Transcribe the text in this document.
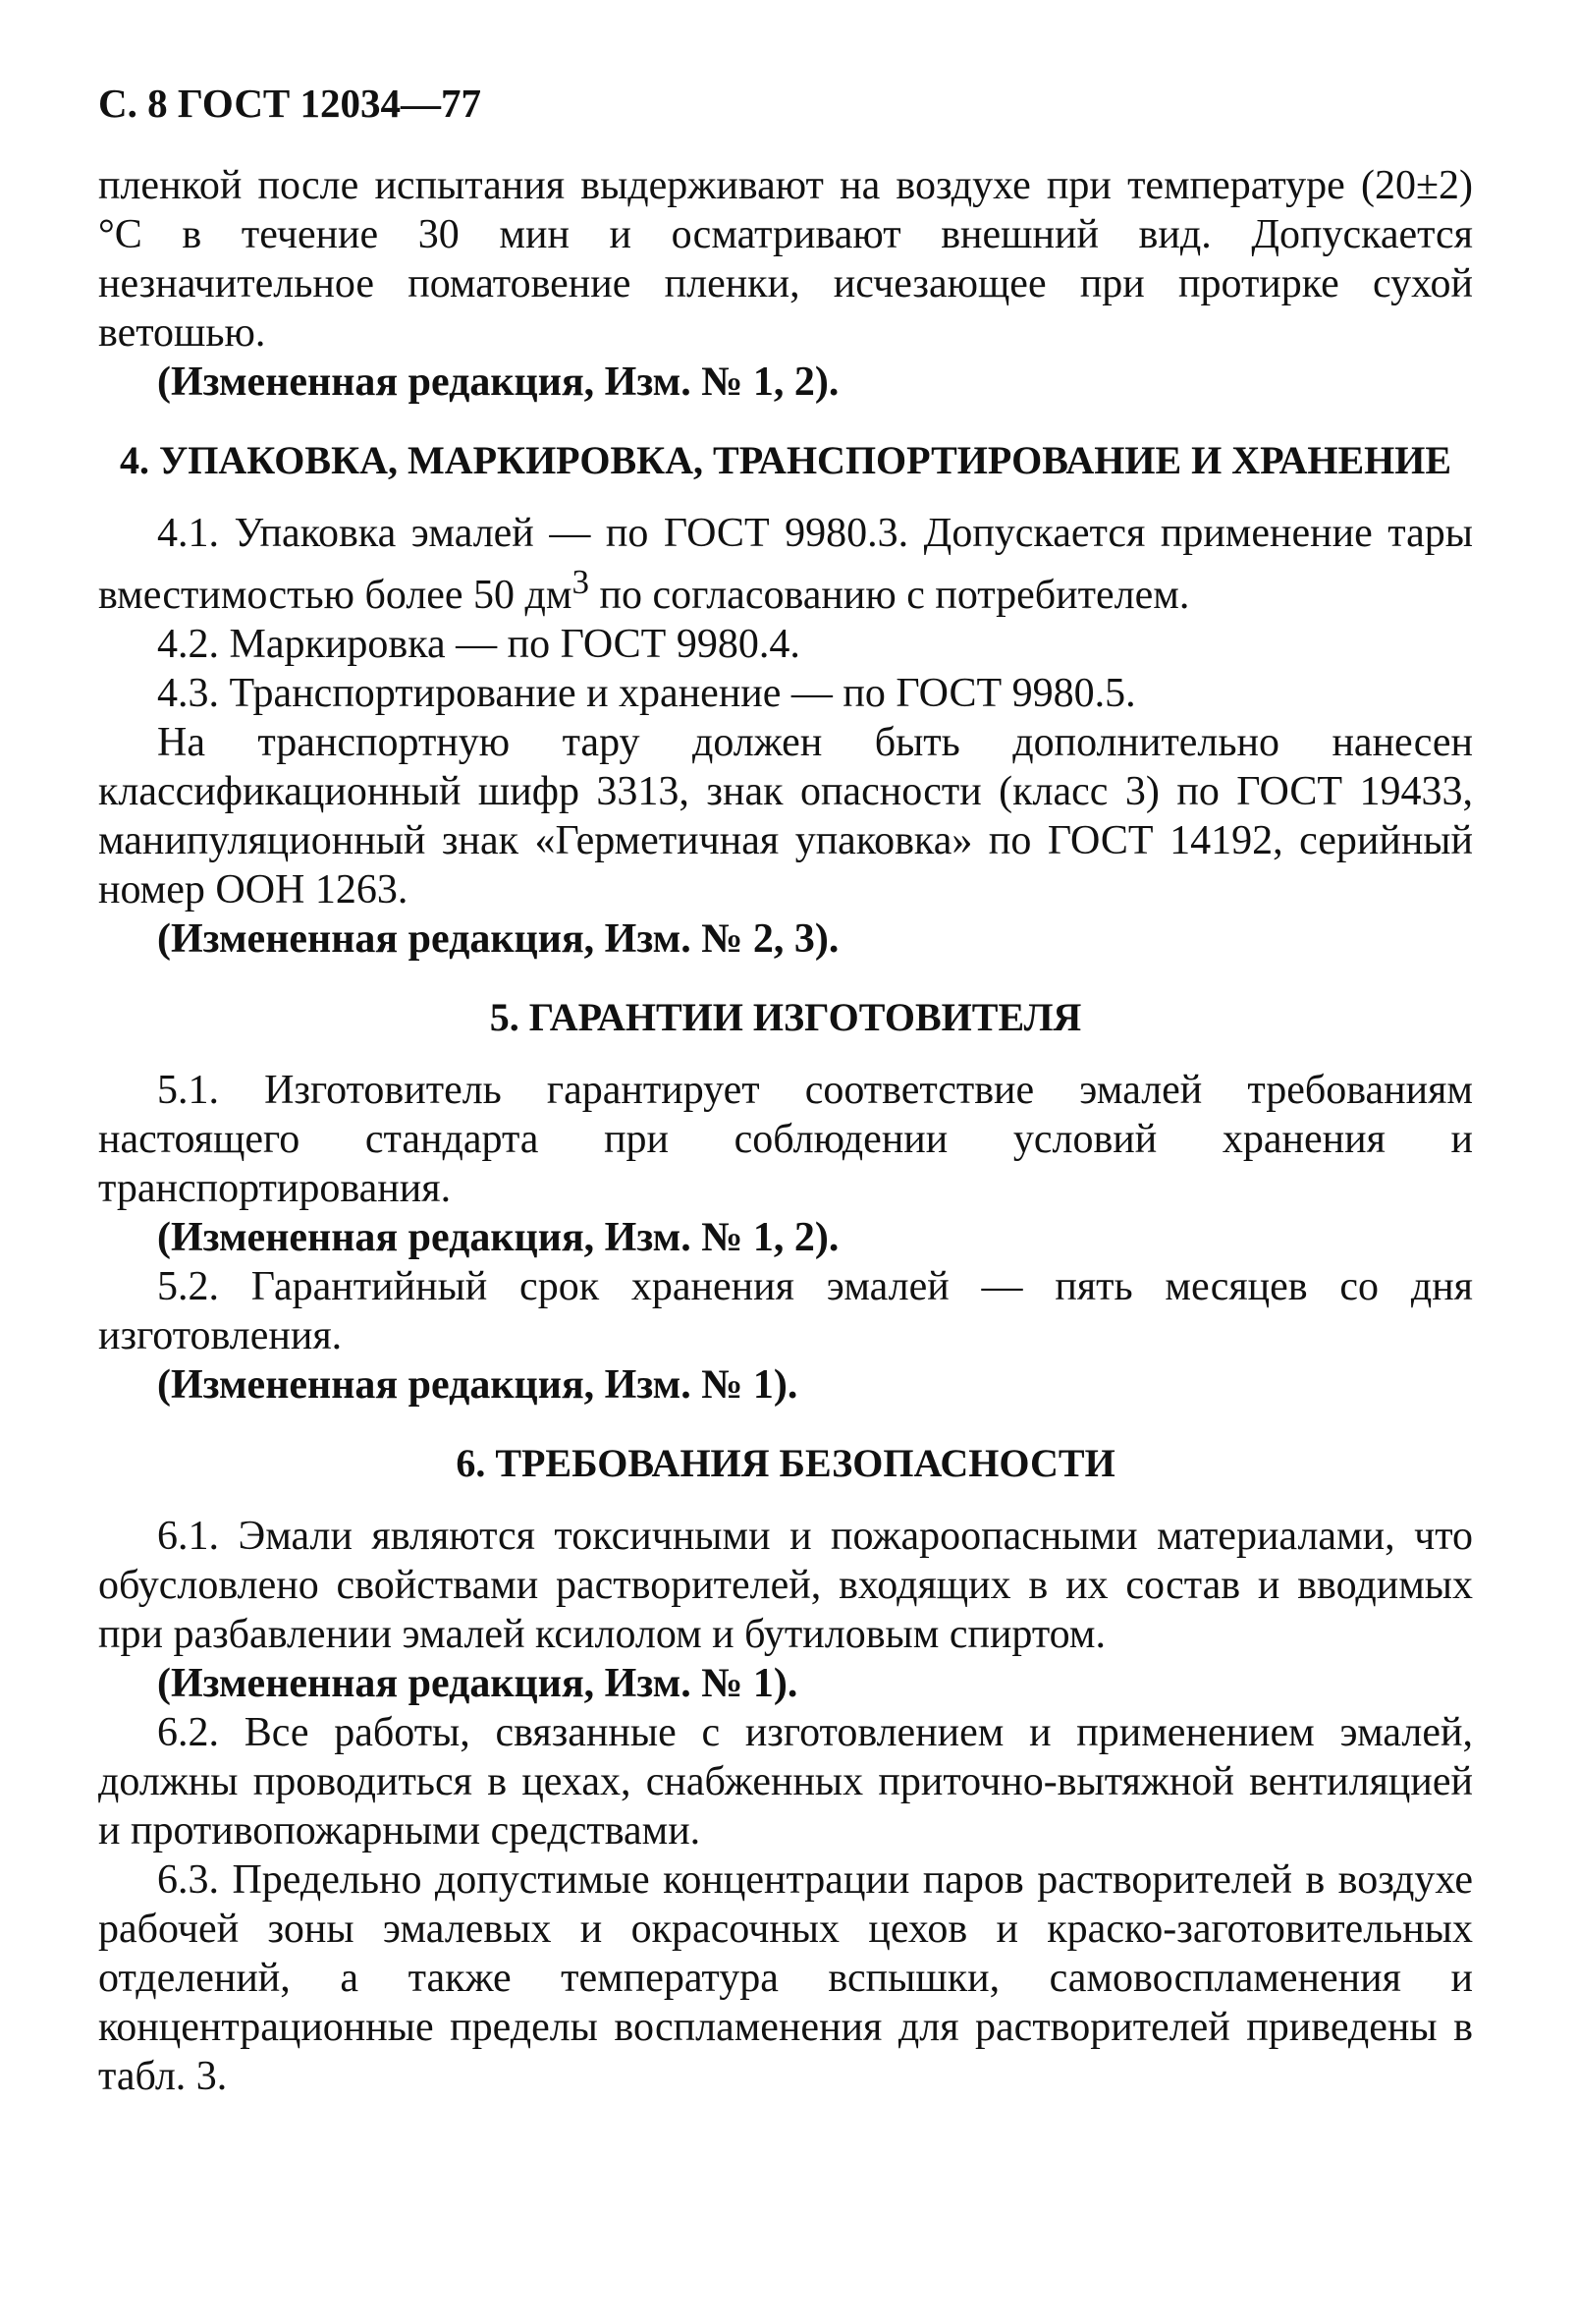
С. 8 ГОСТ 12034—77

пленкой после испытания выдерживают на воздухе при температуре (20±2) °С в течение 30 мин и осматривают внешний вид. Допускается незначительное поматовение пленки, исчезающее при протирке сухой ветошью.

(Измененная редакция, Изм. № 1, 2).

4. УПАКОВКА, МАРКИРОВКА, ТРАНСПОРТИРОВАНИЕ И ХРАНЕНИЕ

4.1. Упаковка эмалей — по ГОСТ 9980.3. Допускается применение тары вместимостью более 50 $дм^3$ по согласованию с потребителем.

4.2. Маркировка — по ГОСТ 9980.4.

4.3. Транспортирование и хранение — по ГОСТ 9980.5.

На транспортную тару должен быть дополнительно нанесен классификационный шифр 3313, знак опасности (класс 3) по ГОСТ 19433, манипуляционный знак «Герметичная упаковка» по ГОСТ 14192, серийный номер ООН 1263.

(Измененная редакция, Изм. № 2, 3).

5. ГАРАНТИИ ИЗГОТОВИТЕЛЯ

5.1. Изготовитель гарантирует соответствие эмалей требованиям настоящего стандарта при соблюдении условий хранения и транспортирования.

(Измененная редакция, Изм. № 1, 2).

5.2. Гарантийный срок хранения эмалей — пять месяцев со дня изготовления.

(Измененная редакция, Изм. № 1).

6. ТРЕБОВАНИЯ БЕЗОПАСНОСТИ

6.1. Эмали являются токсичными и пожароопасными материалами, что обусловлено свойствами растворителей, входящих в их состав и вводимых при разбавлении эмалей ксилолом и бутиловым спиртом.

(Измененная редакция, Изм. № 1).

6.2. Все работы, связанные с изготовлением и применением эмалей, должны проводиться в цехах, снабженных приточно-вытяжной вентиляцией и противопожарными средствами.

6.3. Предельно допустимые концентрации паров растворителей в воздухе рабочей зоны эмалевых и окрасочных цехов и краско-заготовительных отделений, а также температура вспышки, самовоспламенения и концентрационные пределы воспламенения для растворителей приведены в табл. 3.
